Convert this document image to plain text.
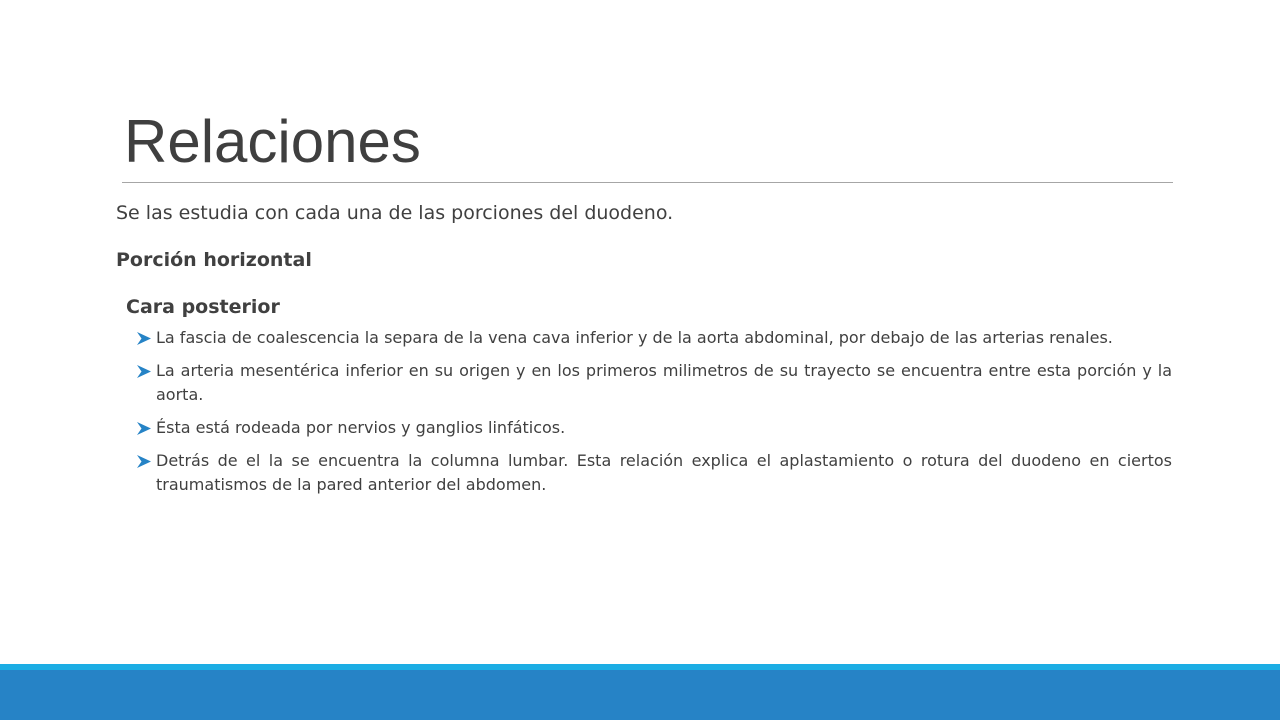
Relaciones

Se las estudia con cada una de las porciones del duodeno.

Porción horizontal

Cara posterior

La fascia de coalescencia la separa de la vena cava inferior y de la aorta abdominal, por debajo de las arterias renales.
La arteria mesentérica inferior en su origen y en los primeros milimetros de su trayecto se encuentra entre esta porción y la aorta.
Ésta está rodeada por nervios y ganglios linfáticos.
Detrás de el la se encuentra la columna lumbar. Esta relación explica el aplastamiento o rotura del duodeno en ciertos traumatismos de la pared anterior del abdomen.
